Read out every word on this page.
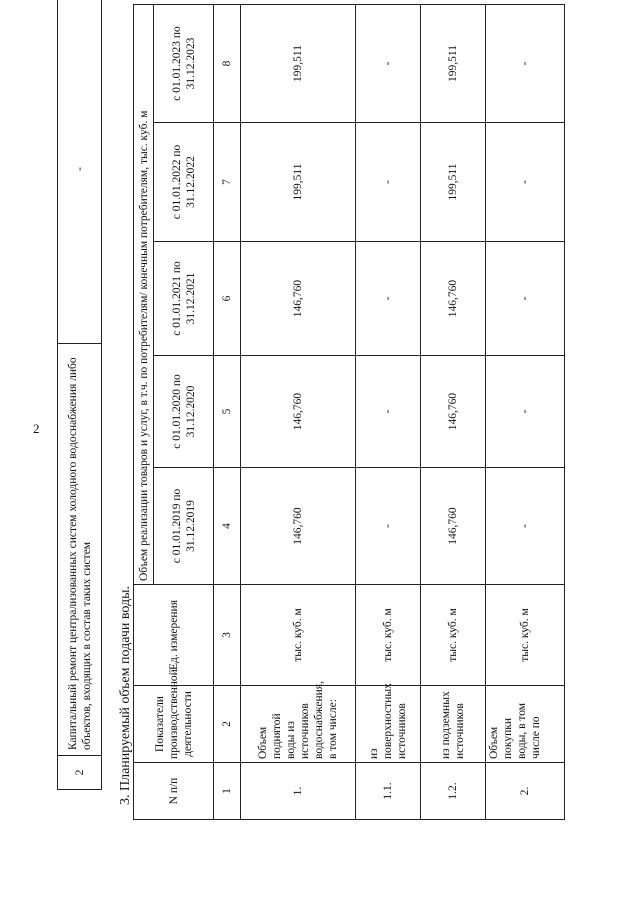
2
2	Капитальный ремонт централизованных систем холодного водоснабжения либо объектов, входящих в состав таких систем	-
3. Планируемый объем подачи воды.	N п/п	Показатели производственной деятельности	Ед. измерения	Объем реализации товаров и услуг, в т.ч. по потребителям/ конечным потребителям, тыс. куб. м				
			с 01.01.2019 по 31.12.2019	с 01.01.2020 по 31.12.2020	с 01.01.2021 по 31.12.2021	с 01.01.2022 по 31.12.2022	с 01.01.2023 по 31.12.2023
1	2	3	4	5	6	7	8
1.	Объем поднятой воды из источников водоснабжения, в том числе:	тыс. куб. м	146,760	146,760	146,760	199,511	199,511
1.1.	из поверхностных источников	тыс. куб. м	-	-	-	-	-
1.2.	из подземных источников	тыс. куб. м	146,760	146,760	146,760	199,511	199,511
2.	Объем покупки воды, в том числе по	тыс. куб. м	-	-	-	-	-
